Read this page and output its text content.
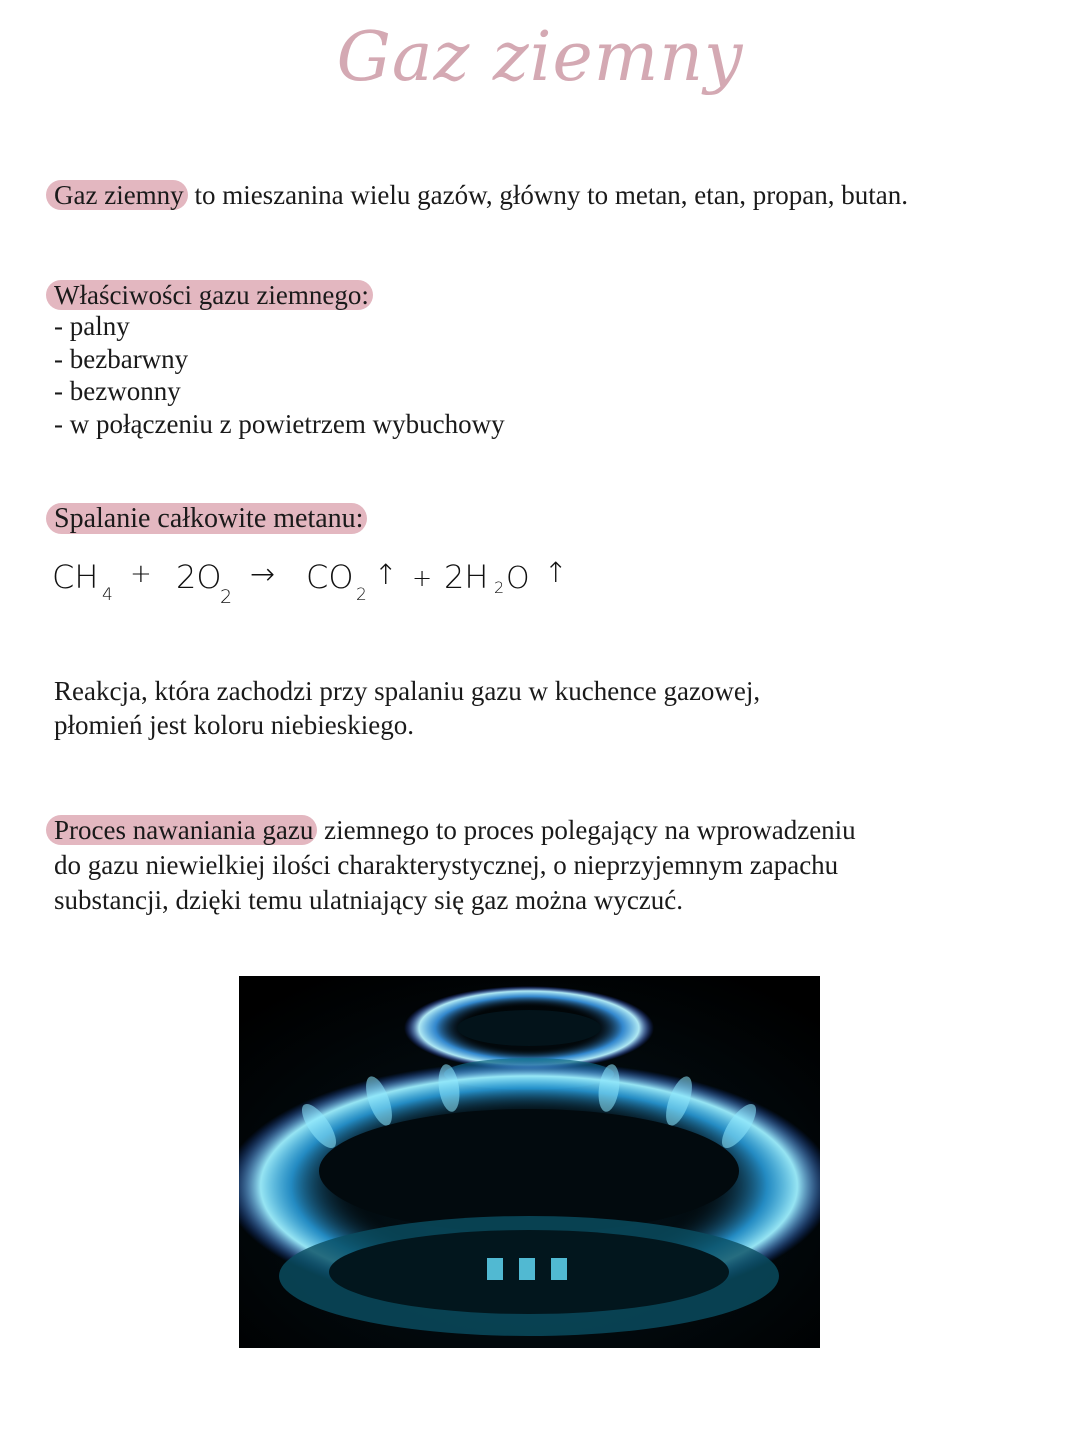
Gaz ziemny

Gaz ziemny to mieszanina wielu gazów, główny to metan, etan, propan, butan.

Właściwości gazu ziemnego:

- palny
- bezbarwny
- bezwonny
- w połączeniu z powietrzem wybuchowy

Spalanie całkowite metanu:

CH 4
+ 2O
2
→ CO 2
↑ + 2H 2 O ↑

Reakcja, która zachodzi przy spalaniu gazu w kuchence gazowej,
płomień jest koloru niebieskiego.

Proces nawaniania gazu ziemnego to proces polegający na wprowadzeniu
do gazu niewielkiej ilości charakterystycznej, o nieprzyjemnym zapachu
substancji, dzięki temu ulatniający się gaz można wyczuć.
